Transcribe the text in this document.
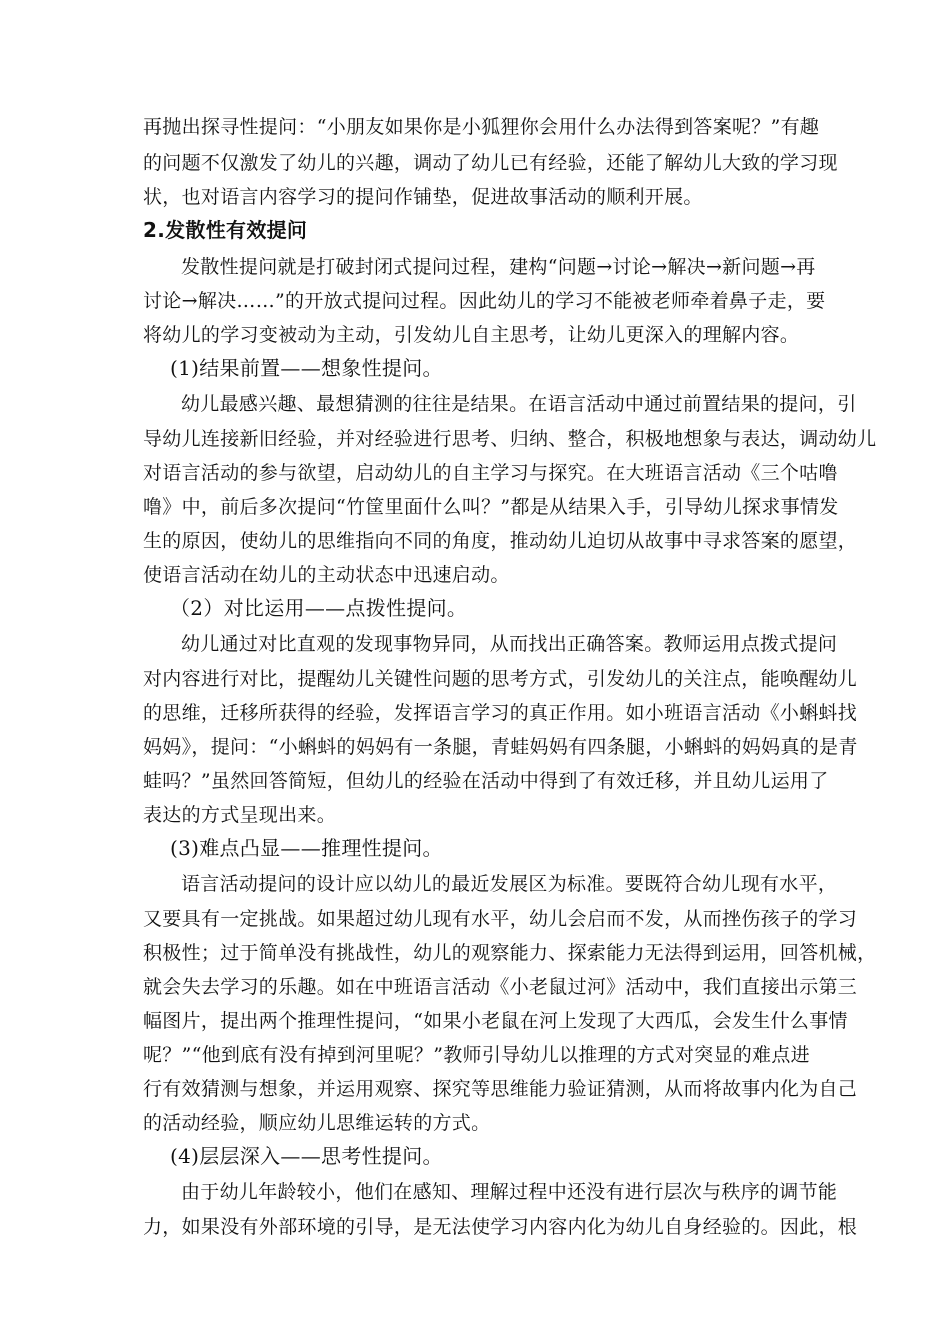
再抛出探寻性提问：“小朋友如果你是小狐狸你会用什么办法得到答案呢？”有趣
的问题不仅激发了幼儿的兴趣，调动了幼儿已有经验，还能了解幼儿大致的学习现
状，也对语言内容学习的提问作铺垫，促进故事活动的顺利开展。
2.发散性有效提问
发散性提问就是打破封闭式提问过程，建构“问题→讨论→解决→新问题→再
讨论→解决……”的开放式提问过程。因此幼儿的学习不能被老师牵着鼻子走，要
将幼儿的学习变被动为主动，引发幼儿自主思考，让幼儿更深入的理解内容。
(1)结果前置——想象性提问。
幼儿最感兴趣、最想猜测的往往是结果。在语言活动中通过前置结果的提问，引
导幼儿连接新旧经验，并对经验进行思考、归纳、整合，积极地想象与表达，调动幼儿
对语言活动的参与欲望，启动幼儿的自主学习与探究。在大班语言活动《三个咕噜
噜》中，前后多次提问“竹筐里面什么叫？”都是从结果入手，引导幼儿探求事情发
生的原因，使幼儿的思维指向不同的角度，推动幼儿迫切从故事中寻求答案的愿望，
使语言活动在幼儿的主动状态中迅速启动。
（2）对比运用——点拨性提问。
幼儿通过对比直观的发现事物异同，从而找出正确答案。教师运用点拨式提问
对内容进行对比，提醒幼儿关键性问题的思考方式，引发幼儿的关注点，能唤醒幼儿
的思维，迁移所获得的经验，发挥语言学习的真正作用。如小班语言活动《小蝌蚪找
妈妈》，提问：“小蝌蚪的妈妈有一条腿，青蛙妈妈有四条腿，小蝌蚪的妈妈真的是青
蛙吗？”虽然回答简短，但幼儿的经验在活动中得到了有效迁移，并且幼儿运用了
表达的方式呈现出来。
(3)难点凸显——推理性提问。
语言活动提问的设计应以幼儿的最近发展区为标准。要既符合幼儿现有水平，
又要具有一定挑战。如果超过幼儿现有水平，幼儿会启而不发，从而挫伤孩子的学习
积极性；过于简单没有挑战性，幼儿的观察能力、探索能力无法得到运用，回答机械，
就会失去学习的乐趣。如在中班语言活动《小老鼠过河》活动中，我们直接出示第三
幅图片，提出两个推理性提问，“如果小老鼠在河上发现了大西瓜，会发生什么事情
呢？”“他到底有没有掉到河里呢？”教师引导幼儿以推理的方式对突显的难点进
行有效猜测与想象，并运用观察、探究等思维能力验证猜测，从而将故事内化为自己
的活动经验，顺应幼儿思维运转的方式。
(4)层层深入——思考性提问。
由于幼儿年龄较小，他们在感知、理解过程中还没有进行层次与秩序的调节能
力，如果没有外部环境的引导，是无法使学习内容内化为幼儿自身经验的。因此，根
